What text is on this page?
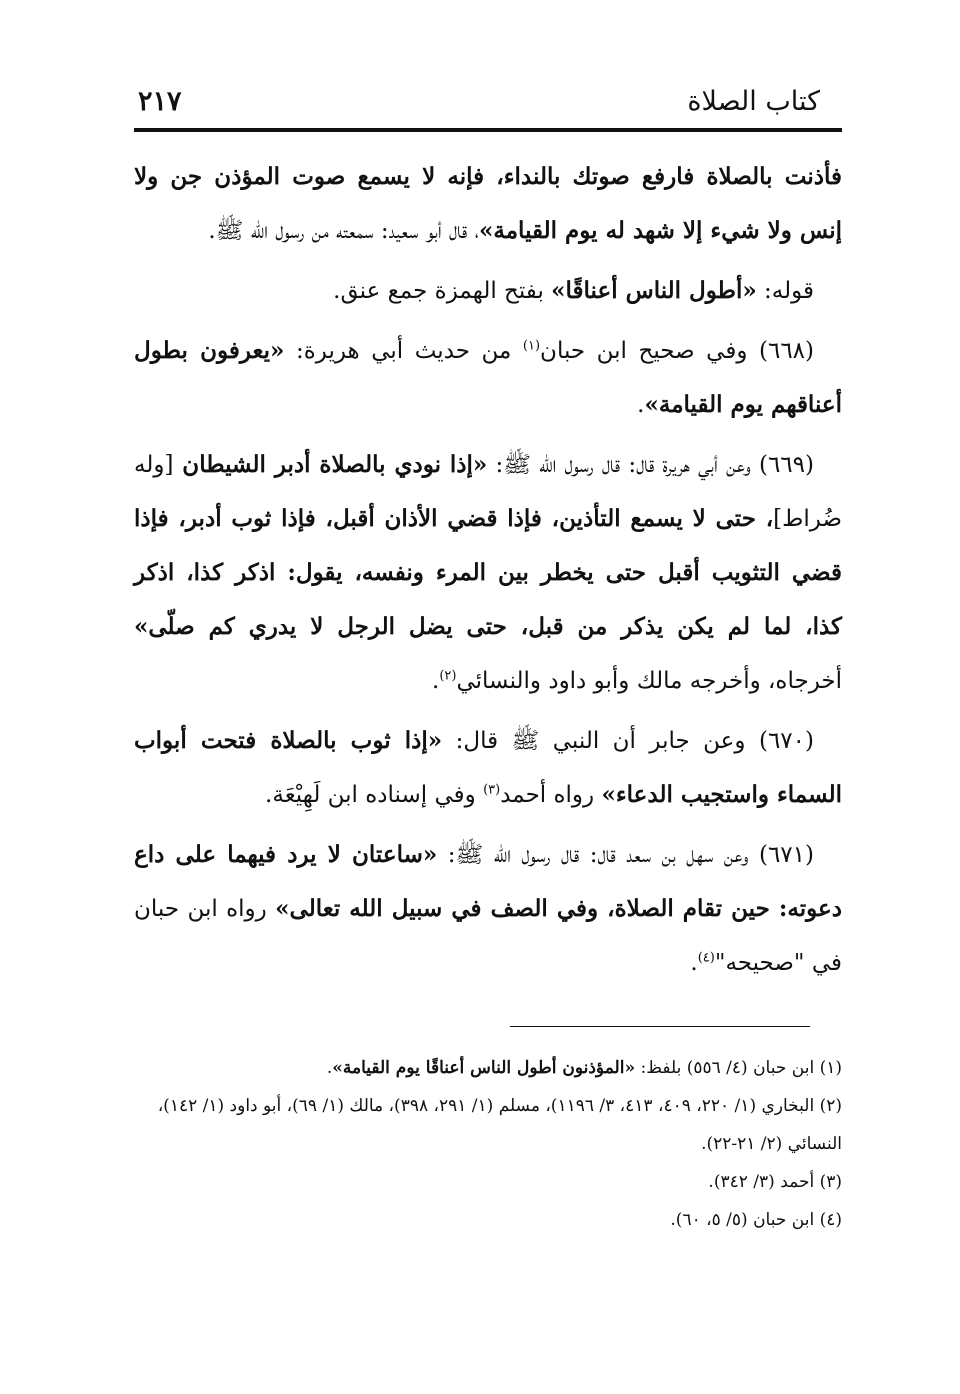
كتاب الصلاة
٢١٧

فأذنت بالصلاة فارفع صوتك بالنداء، فإنه لا يسمع صوت المؤذن جن ولا إنس ولا شيء إلا شهد له يوم القيامة»، قال أبو سعيد: سمعته من رسول الله ﷺ.

قوله: «أطول الناس أعناقًا» بفتح الهمزة جمع عنق.

(٦٦٨) وفي صحيح ابن حبان$^{(١)}$ من حديث أبي هريرة: «يعرفون بطول أعناقهم يوم القيامة».

(٦٦٩) وعن أبي هريرة قال: قال رسول الله ﷺ: «إذا نودي بالصلاة أدبر الشيطان [وله ضُراط]، حتى لا يسمع التأذين، فإذا قضي الأذان أقبل، فإذا ثوب أدبر، فإذا قضي التثويب أقبل حتى يخطر بين المرء ونفسه، يقول: اذكر كذا، اذكر كذا، لما لم يكن يذكر من قبل، حتى يضل الرجل لا يدري كم صلّى» أخرجاه، وأخرجه مالك وأبو داود والنسائي$^{(٢)}$.

(٦٧٠) وعن جابر أن النبي ﷺ قال: «إذا ثوب بالصلاة فتحت أبواب السماء واستجيب الدعاء» رواه أحمد$^{(٣)}$ وفي إسناده ابن لَهِيْعَة.

(٦٧١) وعن سهل بن سعد قال: قال رسول الله ﷺ: «ساعتان لا يرد فيهما على داع دعوته: حين تقام الصلاة، وفي الصف في سبيل الله تعالى» رواه ابن حبان في "صحيحه"$^{(٤)}$.

(١) ابن حبان (٤/ ٥٥٦) بلفظ: «المؤذنون أطول الناس أعناقًا يوم القيامة».

(٢) البخاري (١/ ٢٢٠، ٤٠٩، ٤١٣، ٣/ ١١٩٦)، مسلم (١/ ٢٩١، ٣٩٨)، مالك (١/ ٦٩)، أبو داود (١/ ١٤٢)، النسائي (٢/ ٢١-٢٢).

(٣) أحمد (٣/ ٣٤٢).

(٤) ابن حبان (٥/ ٥، ٦٠).
